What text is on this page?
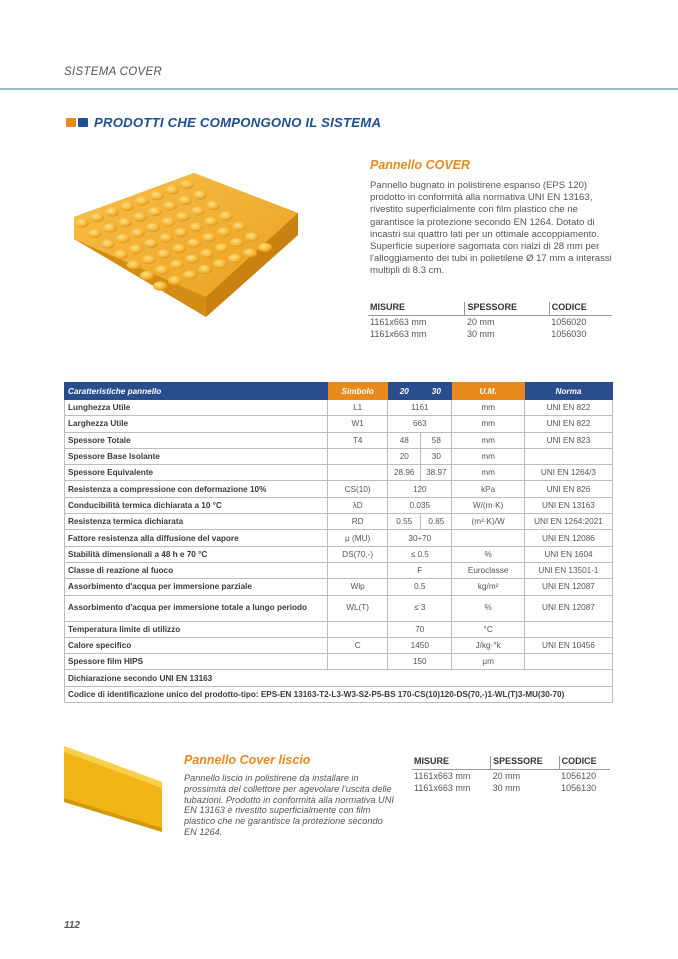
SISTEMA COVER
PRODOTTI CHE COMPONGONO IL SISTEMA
Pannello COVER
Pannello bugnato in polistirene espanso (EPS 120) prodotto in conformità alla normativa UNI EN 13163, rivestito superficialmente con film plastico che ne garantisce la protezione secondo EN 1264. Dotato di incastri sui quattro lati per un ottimale accoppiamento. Superficie superiore sagomata con rialzi di 28 mm per l'alloggiamento dei tubi in polietilene Ø 17 mm a interassi multipli di 8.3 cm.
MISURE	SPESSORE	CODICE
1161x663 mm	20 mm	1056020
1161x663 mm	30 mm	1056030
Caratteristiche pannello	Simbolo	20	30	U.M.	Norma
Lunghezza Utile	L1	1161		mm	UNI EN 822
Larghezza Utile	W1	663		mm	UNI EN 822
Spessore Totale	T4	48	58	mm	UNI EN 823
Spessore Base Isolante		20	30	mm	
Spessore Equivalente		28.96	38.97	mm	UNI EN 1264/3
Resistenza a compressione con deformazione 10%	CS(10)	120		kPa	UNI EN 826
Conducibilità termica dichiarata a 10 °C	λD	0.035		W/(m·K)	UNI EN 13163
Resistenza termica dichiarata	RD	0.55	0.85	(m²·K)/W	UNI EN 1264:2021
Fattore resistenza alla diffusione del vapore	μ (MU)	30÷70			UNI EN 12086
Stabilità dimensionali a 48 h e 70 °C	DS(70,-)	≤ 0.5		%	UNI EN 1604
Classe di reazione al fuoco		F		Euroclasse	UNI EN 13501-1
Assorbimento d'acqua per immersione parziale	Wlp	0.5		kg/m²	UNI EN 12087
Assorbimento d'acqua per immersione totale a lungo periodo	WL(T)	≤ 3		%	UNI EN 12087
Temperatura limite di utilizzo		70		°C	
Calore specifico	C	1450		J/kg·°k	UNI EN 10456
Spessore film HIPS		150		μm	
Dichiarazione secondo UNI EN 13163					
Codice di identificazione unico del prodotto-tipo: EPS-EN 13163-T2-L3-W3-S2-P5-BS 170-CS(10)120-DS(70,-)1-WL(T)3-MU(30-70)					
Pannello Cover liscio
Pannello liscio in polistirene da installare in prossimità del collettore per agevolare l'uscita delle tubazioni. Prodotto in conformità alla normativa UNI EN 13163 è rivestito superficialmente con film plastico che ne garantisce la protezione secondo EN 1264.
MISURE	SPESSORE	CODICE
1161x663 mm	20 mm	1056120
1161x663 mm	30 mm	1056130
112
